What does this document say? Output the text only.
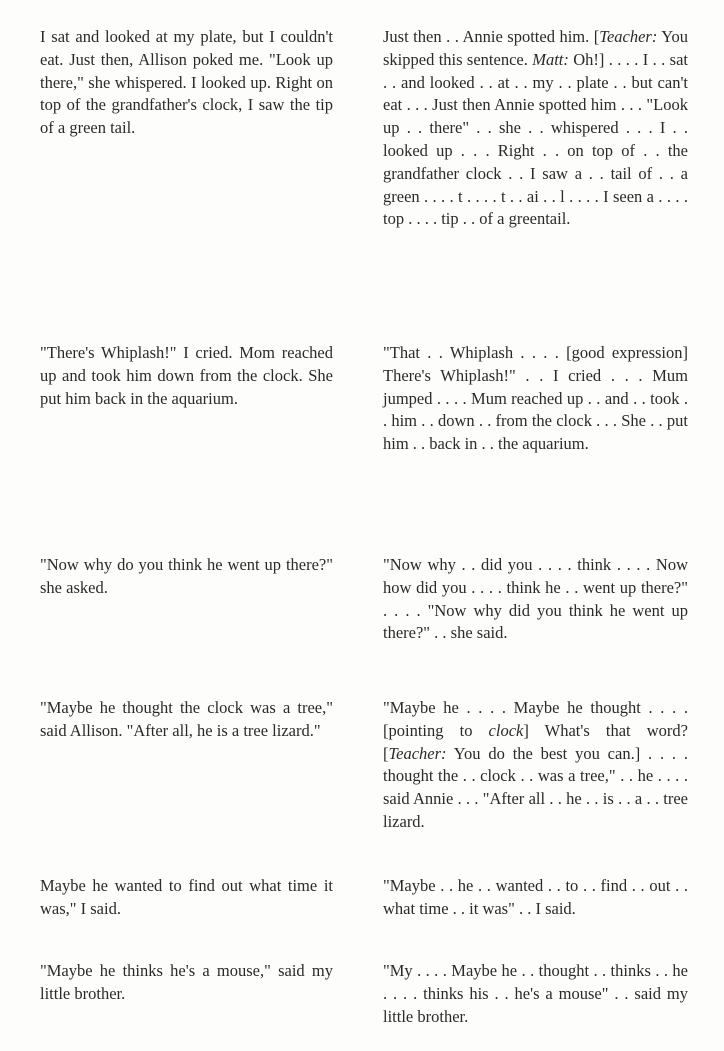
I sat and looked at my plate, but I couldn't eat. Just then, Allison poked me. "Look up there," she whispered. I looked up. Right on top of the grandfather's clock, I saw the tip of a green tail.
Just then . . Annie spotted him. [Teacher: You skipped this sentence. Matt: Oh!] . . . . I . . sat . . and looked . . at . . my . . plate . . but can't eat . . . Just then Annie spotted him . . . "Look up . . there" . . she . . whispered . . . I . . looked up . . . Right . . on top of . . the grandfather clock . . I saw a . . tail of . . a green . . . . t . . . . t . . ai . . l . . . . I seen a . . . . top . . . . tip . . of a greentail.
"There's Whiplash!" I cried. Mom reached up and took him down from the clock. She put him back in the aquarium.
"That . . Whiplash . . . . [good expression] There's Whiplash!" . . I cried . . . Mum jumped . . . . Mum reached up . . and . . took . . him . . down . . from the clock . . . She . . put him . . back in . . the aquarium.
"Now why do you think he went up there?" she asked.
"Now why . . did you . . . . think . . . . Now how did you . . . . think he . . went up there?" . . . . "Now why did you think he went up there?" . . she said.
"Maybe he thought the clock was a tree," said Allison. "After all, he is a tree lizard."
"Maybe he . . . . Maybe he thought . . . . [pointing to clock] What's that word? [Teacher: You do the best you can.] . . . . thought the . . clock . . was a tree," . . he . . . . said Annie . . . "After all . . he . . is . . a . . tree lizard.
Maybe he wanted to find out what time it was," I said.
"Maybe . . he . . wanted . . to . . find . . out . . what time . . it was" . . I said.
"Maybe he thinks he's a mouse," said my little brother.
"My . . . . Maybe he . . thought . . thinks . . he . . . . thinks his . . he's a mouse" . . said my little brother.
